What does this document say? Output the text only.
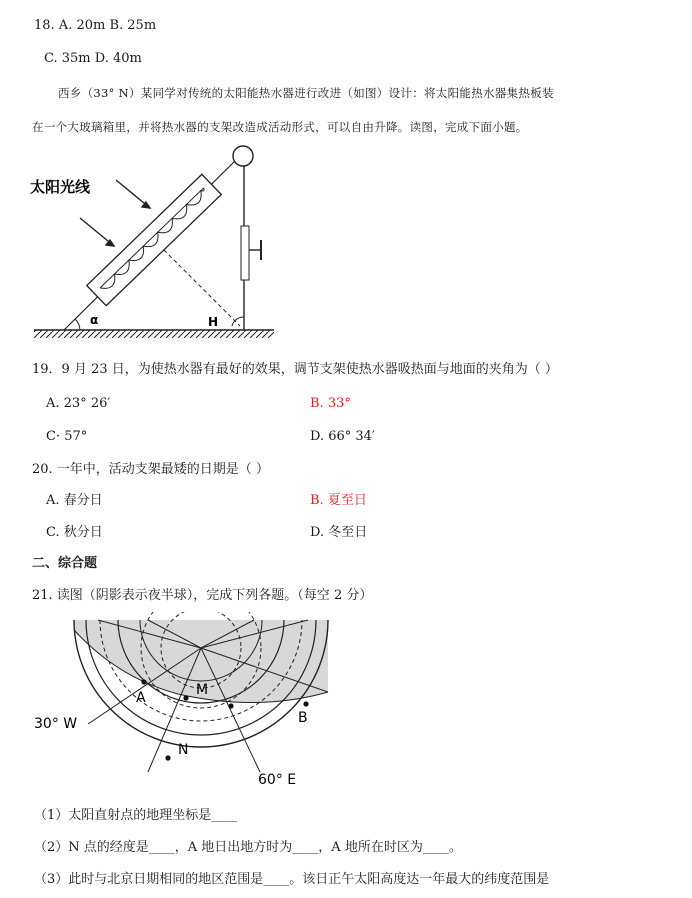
18. A. 20m B. 25m
C. 35m D. 40m
西乡（33° N）某同学对传统的太阳能热水器进行改进（如图）设计：将太阳能热水器集热板装
在一个大玻璃箱里，并将热水器的支架改造成活动形式，可以自由升降。读图，完成下面小题。
太阳光线
α	H
19．9 月 23 日，为使热水器有最好的效果，调节支架使热水器吸热面与地面的夹角为（ ）
A. 23° 26′	B. 33°
C· 57°	D. 66° 34′
20. 一年中，活动支架最矮的日期是（ ）
A. 春分日	B. 夏至日
C. 秋分日	D. 冬至日
二、综合题
21. 读图（阴影表示夜半球），完成下列各题。（每空 2 分）
A	M
B
N
30° W
60° E
（1）太阳直射点的地理坐标是____
（2）N 点的经度是____，A 地日出地方时为____，A 地所在时区为____。
（3）此时与北京日期相同的地区范围是____。该日正午太阳高度达一年最大的纬度范围是
